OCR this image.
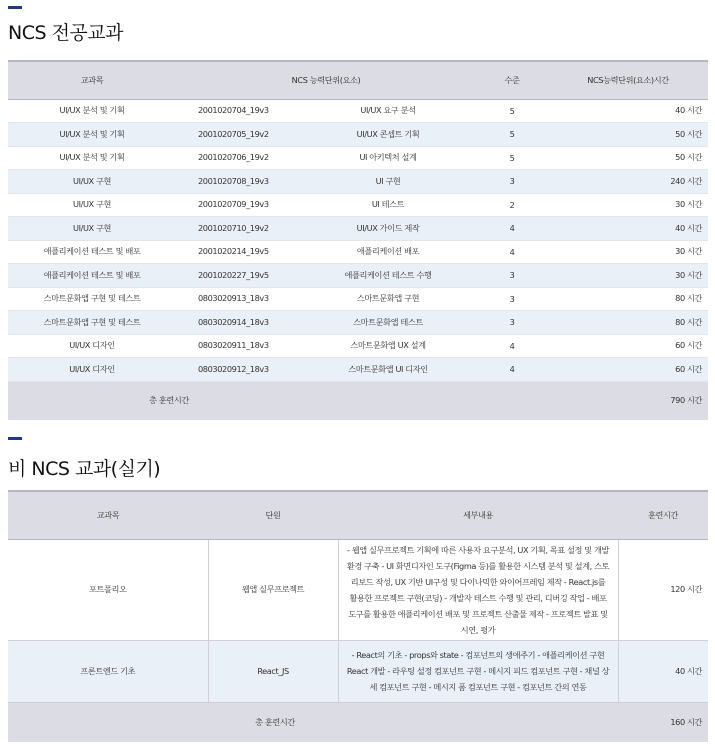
NCS 전공교과
교과목	NCS 능력단위(요소)	수준	NCS능력단위(요소)시간
UI/UX 분석 및 기획	2001020704_19v3 UI/UX 요구 분석	5	40 시간
UI/UX 분석 및 기획	2001020705_19v2 UI/UX 콘셉트 기획	5	50 시간
UI/UX 분석 및 기획	2001020706_19v2 UI 아키텍처 설계	5	50 시간
UI/UX 구현	2001020708_19v3 UI 구현	3	240 시간
UI/UX 구현	2001020709_19v3 UI 테스트	2	30 시간
UI/UX 구현	2001020710_19v2 UI/UX 가이드 제작	4	40 시간
애플리케이션 테스트 및 배포	2001020214_19v5 애플리케이션 배포	4	30 시간
애플리케이션 테스트 및 배포	2001020227_19v5 애플리케이션 테스트 수행	3	30 시간
스마트문화앱 구현 및 테스트	0803020913_18v3 스마트문화앱 구현	3	80 시간
스마트문화앱 구현 및 테스트	0803020914_18v3 스마트문화앱 테스트	3	80 시간
UI/UX 디자인	0803020911_18v3 스마트문화앱 UX 설계	4	60 시간
UI/UX 디자인	0803020912_18v3 스마트문화앱 UI 디자인	4	60 시간
총 훈련시간		790 시간	
비 NCS 교과(실기)
교과목	단원	세부내용	훈련시간
포트폴리오	웹앱 실무프로젝트	- 웹앱 실무프로젝트 기획에 따른 사용자 요구분석, UX 기획, 목표 설정 및 개발환경 구축 - UI 화면디자인 도구(Figma 등)를 활용한 시스템 분석 및 설계, 스토리보드 작성, UX 기반 UI구성 및 다이나믹한 와이어프레임 제작 - React.js를 활용한 프로젝트 구현(코딩) - 개발자 테스트 수행 및 관리, 디버깅 작업 - 배포도구를 활용한 애플리케이션 배포 및 프로젝트 산출물 제작 - 프로젝트 발표 및 시연, 평가	120 시간
프론트엔드 기초	React_JS	- React의 기초 - props와 state - 컴포넌트의 생애주기 - 애플리케이션 구현 React 개발 - 라우팅 설정 컴포넌트 구현 - 메시지 피드 컴포넌트 구현 - 채널 상세 컴포넌트 구현 - 메시지 폼 컴포넌트 구현 - 컴포넌트 간의 연동	40 시간
총 훈련시간			160 시간
